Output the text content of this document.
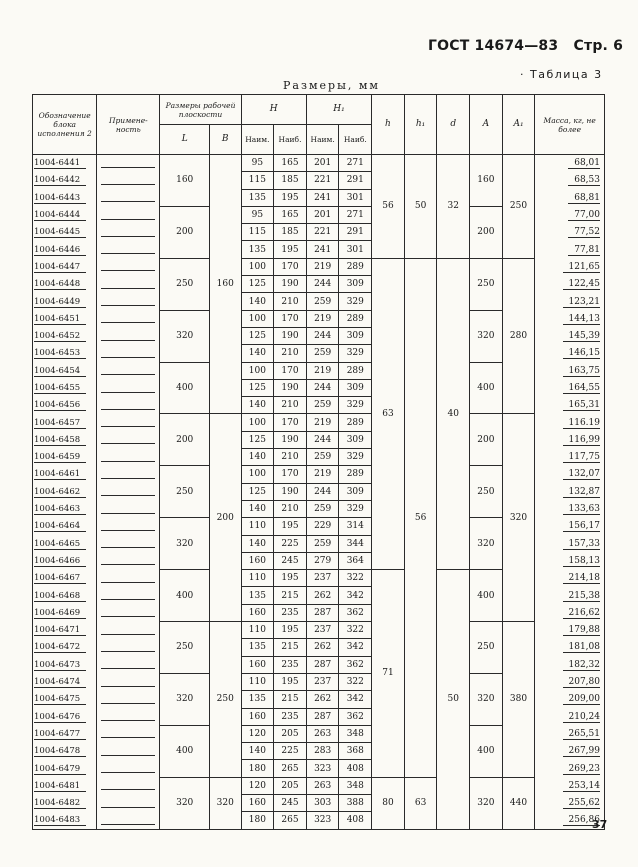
ГОСТ 14674—83 Стр. 6
· Таблица 3
Размеры, мм
Обозначение блока исполнения 2	Примене- ность	Размеры рабочей плоскости		H		H₁		h	h₁	d	A	A₁	Масса, кг, не более
		L	B	Наим.	Наиб.	Наим.	Наиб.						
1004-6441		160	160	95	165	201	271	56	50	32	160	250	68,01
1004-6442				115	185	221	291						68,53
1004-6443				135	195	241	301						68,81
1004-6444		200		95	165	201	271				200		77,00
1004-6445				115	185	221	291						77,52
1004-6446				135	195	241	301						77,81
1004-6447		250		100	170	219	289	63	56	40	250	280	121,65
1004-6448				125	190	244	309						122,45
1004-6449				140	210	259	329						123,21
1004-6451		320		100	170	219	289				320		144,13
1004-6452				125	190	244	309						145,39
1004-6453				140	210	259	329						146,15
1004-6454		400		100	170	219	289				400		163,75
1004-6455				125	190	244	309						164,55
1004-6456				140	210	259	329						165,31
1004-6457		200	200	100	170	219	289				200	320	116.19
1004-6458				125	190	244	309						116,99
1004-6459				140	210	259	329						117,75
1004-6461		250		100	170	219	289				250		132,07
1004-6462				125	190	244	309						132,87
1004-6463				140	210	259	329						133,63
1004-6464		320		110	195	229	314				320		156,17
1004-6465				140	225	259	344						157,33
1004-6466				160	245	279	364						158,13
1004-6467		400		110	195	237	322	71		50	400		214,18
1004-6468				135	215	262	342						215,38
1004-6469				160	235	287	362						216,62
1004-6471		250	250	110	195	237	322				250	380	179,88
1004-6472				135	215	262	342						181,08
1004-6473				160	235	287	362						182,32
1004-6474		320		110	195	237	322				320		207,80
1004-6475				135	215	262	342						209,00
1004-6476				160	235	287	362						210,24
1004-6477		400		120	205	263	348				400		265,51
1004-6478				140	225	283	368						267,99
1004-6479				180	265	323	408						269,23
1004-6481		320	320	120	205	263	348	80	63		320	440	253,14
1004-6482				160	245	303	388						255,62
1004-6483				180	265	323	408						256,86
37
